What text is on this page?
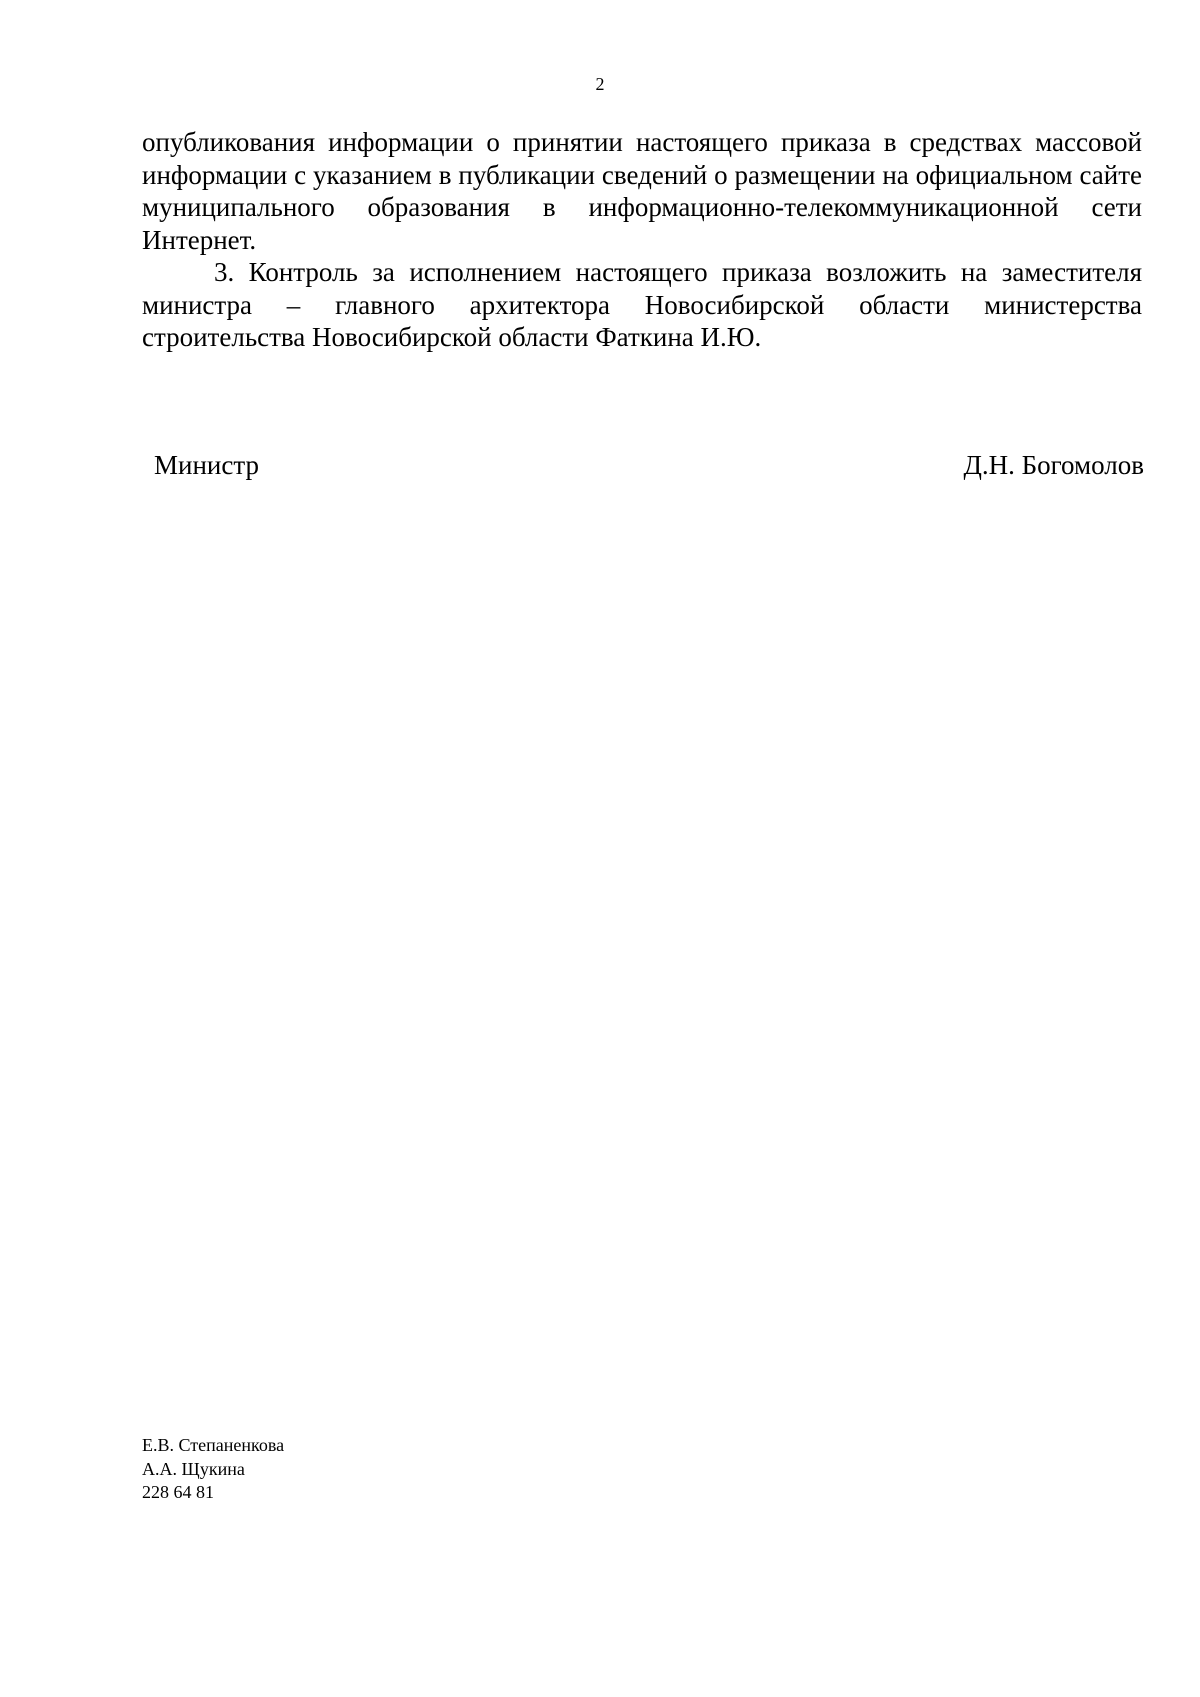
2

опубликования информации о принятии настоящего приказа в средствах массовой информации с указанием в публикации сведений о размещении на официальном сайте муниципального образования в информационно-телекоммуникационной сети Интернет.

3. Контроль за исполнением настоящего приказа возложить на заместителя министра – главного архитектора Новосибирской области министерства строительства Новосибирской области Фаткина И.Ю.

Министр	Д.Н. Богомолов
Е.В. Степаненкова
А.А. Щукина
228 64 81
